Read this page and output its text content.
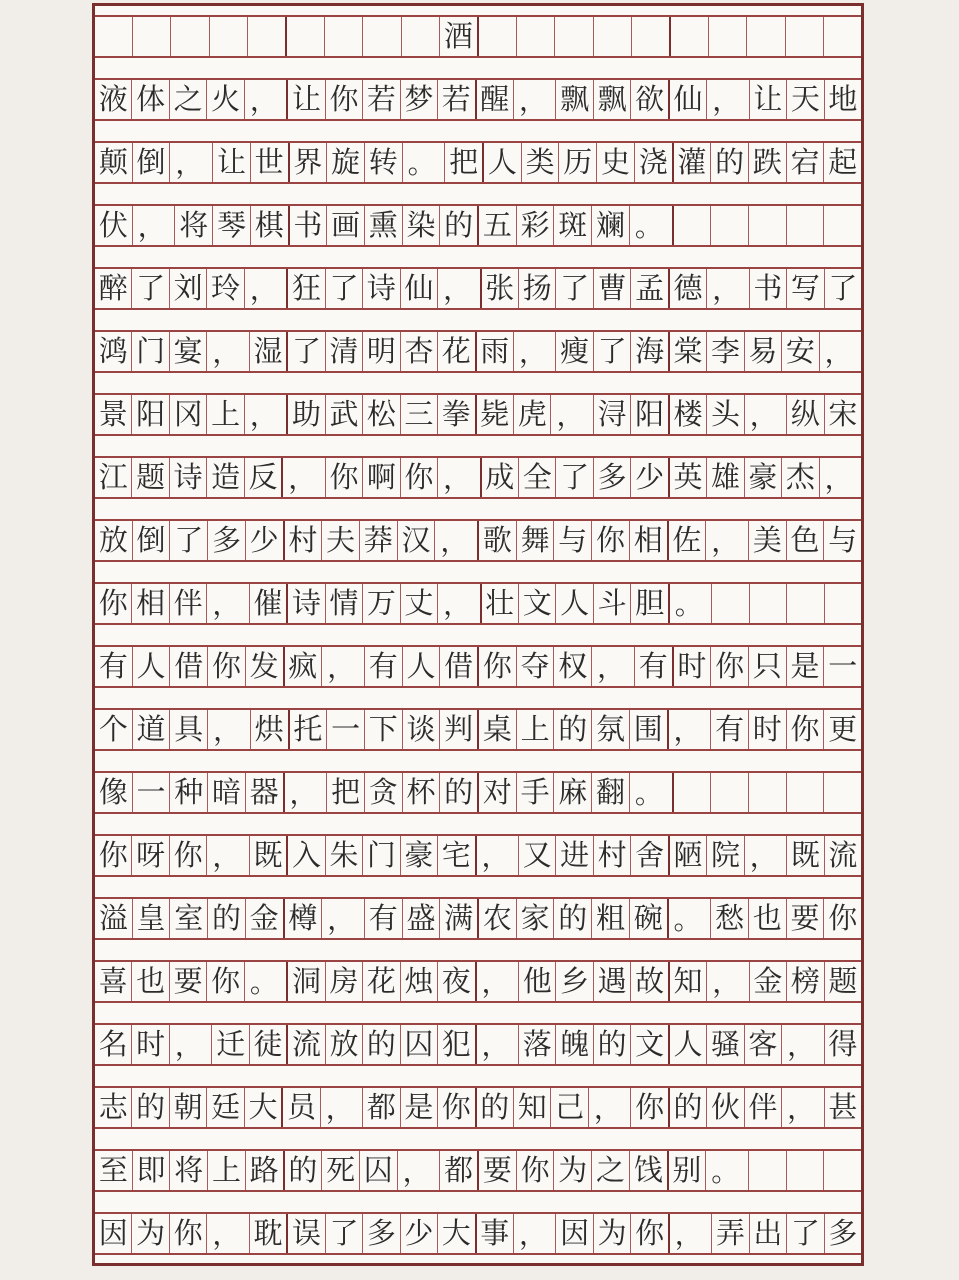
酒
液 体 之 火 ， 让 你 若 梦 若 醒 ， 飘 飘 欲 仙 ， 让 天 地
颠 倒 ， 让 世 界 旋 转 。 把 人 类 历 史 浇 灌 的 跌 宕 起
伏 ， 将 琴 棋 书 画 熏 染 的 五 彩 斑 斓 。
醉 了 刘 玲 ， 狂 了 诗 仙 ， 张 扬 了 曹 孟 德 ， 书 写 了
鸿 门 宴 ， 湿 了 清 明 杏 花 雨 ， 瘦 了 海 棠 李 易 安 ，
景 阳 冈 上 ， 助 武 松 三 拳 毙 虎 ， 浔 阳 楼 头 ， 纵 宋
江 题 诗 造 反 ， 你 啊 你 ， 成 全 了 多 少 英 雄 豪 杰 ，
放 倒 了 多 少 村 夫 莽 汉 ， 歌 舞 与 你 相 佐 ， 美 色 与
你 相 伴 ， 催 诗 情 万 丈 ， 壮 文 人 斗 胆 。
有 人 借 你 发 疯 ， 有 人 借 你 夺 权 ， 有 时 你 只 是 一
个 道 具 ， 烘 托 一 下 谈 判 桌 上 的 氛 围 ， 有 时 你 更
像 一 种 暗 器 ， 把 贪 杯 的 对 手 麻 翻 。
你 呀 你 ， 既 入 朱 门 豪 宅 ， 又 进 村 舍 陋 院 ， 既 流
溢 皇 室 的 金 樽 ， 有 盛 满 农 家 的 粗 碗 。 愁 也 要 你
喜 也 要 你 。 洞 房 花 烛 夜 ， 他 乡 遇 故 知 ， 金 榜 题
名 时 ， 迁 徒 流 放 的 囚 犯 ， 落 魄 的 文 人 骚 客 ， 得
志 的 朝 廷 大 员 ， 都 是 你 的 知 己 ， 你 的 伙 伴 ， 甚
至 即 将 上 路 的 死 囚 ， 都 要 你 为 之 饯 别 。
因 为 你 ， 耽 误 了 多 少 大 事 ， 因 为 你 ， 弄 出 了 多
